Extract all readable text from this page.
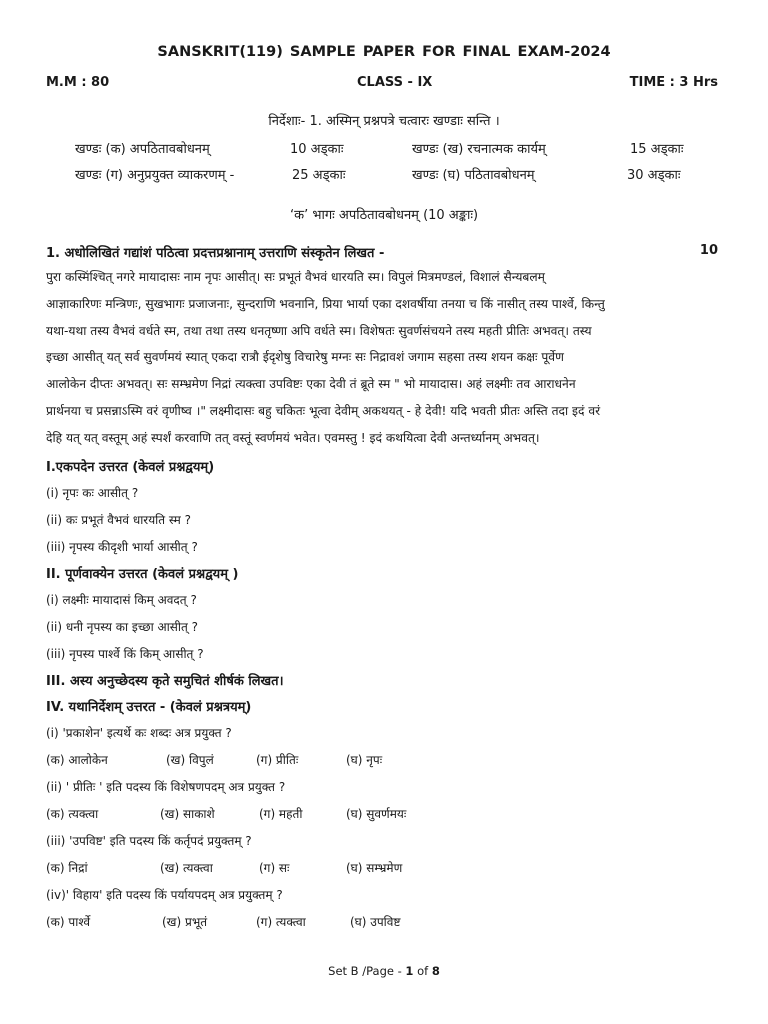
SANSKRIT(119) SAMPLE PAPER FOR FINAL EXAM-2024
M.M : 80	CLASS - IX	TIME : 3 Hrs
निर्देशाः- 1. अस्मिन् प्रश्नपत्रे चत्वारः खण्डाः सन्ति ।
खण्डः (क) अपठितावबोधनम्	10 अड्काः	खण्डः (ख) रचनात्मक कार्यम्	15 अड्काः
खण्डः (ग) अनुप्रयुक्त व्याकरणम् -	25 अड्काः	खण्डः (घ) पठितावबोधनम्	30 अड्काः
‘क’ भागः अपठितावबोधनम् (10 अङ्काः)
1. अधोलिखितं गद्यांशं पठित्वा प्रदत्तप्रश्नानाम् उत्तराणि संस्कृतेन लिखत -	10
पुरा कस्मिंश्चित् नगरे मायादासः नाम नृपः आसीत्। सः प्रभूतं वैभवं धारयति स्म। विपुलं मित्रमण्डलं, विशालं सैन्यबलम्
आज्ञाकारिणः मन्त्रिणः, सुखभागः प्रजाजनाः, सुन्दराणि भवनानि, प्रिया भार्या एका दशवर्षीया तनया च किं नासीत् तस्य पार्श्वे, किन्तु
यथा-यथा तस्य वैभवं वर्धते स्म, तथा तथा तस्य धनतृष्णा अपि वर्धते स्म। विशेषतः सुवर्णसंचयने तस्य महती प्रीतिः अभवत्। तस्य
इच्छा आसीत् यत् सर्व सुवर्णमयं स्यात् एकदा रात्रौ ईदृशेषु विचारेषु मग्नः सः निद्रावशं जगाम सहसा तस्य शयन कक्षः पूर्वेण
आलोकेन दीप्तः अभवत्। सः सम्भ्रमेण निद्रां त्यक्त्वा उपविष्टः एका देवी तं ब्रूते स्म " भो मायादास। अहं लक्ष्मीः तव आराधनेन
प्रार्थनया च प्रसन्नाऽस्मि वरं वृणीष्व ।" लक्ष्मीदासः बहु चकितः भूत्वा देवीम् अकथयत् - हे देवी! यदि भवती प्रीतः अस्ति तदा इदं वरं
देहि यत् यत् वस्तूम् अहं स्पर्शं करवाणि तत् वस्तूं स्वर्णमयं भवेत। एवमस्तु ! इदं कथयित्वा देवी अन्तर्ध्यानम् अभवत्।
I.एकपदेन उत्तरत (केवलं प्रश्नद्वयम्)
(i) नृपः कः आसीत् ?
(ii) कः प्रभूतं वैभवं धारयति स्म ?
(iii) नृपस्य कीदृशी भार्या आसीत् ?
II. पूर्णवाक्येन उत्तरत (केवलं प्रश्नद्वयम् )
(i) लक्ष्मीः मायादासं किम् अवदत् ?
(ii) धनी नृपस्य का इच्छा आसीत् ?
(iii) नृपस्य पार्श्वे किं किम् आसीत् ?
III. अस्य अनुच्छेदस्य कृते समुचितं शीर्षकं लिखत।
IV. यथानिर्देशम् उत्तरत - (केवलं प्रश्नत्रयम्)
(i) 'प्रकाशेन' इत्यर्थे कः शब्दः अत्र प्रयुक्त ?
(क) आलोकेन	(ख) विपुलं	(ग) प्रीतिः	(घ) नृपः
(ii) ' प्रीतिः ' इति पदस्य किं विशेषणपदम् अत्र प्रयुक्त ?
(क) त्यक्त्वा	(ख) साकाशे	(ग) महती	(घ) सुवर्णमयः
(iii) 'उपविष्ट' इति पदस्य किं कर्तृपदं प्रयुक्तम् ?
(क) निद्रां	(ख) त्यक्त्वा	(ग) सः	(घ) सम्भ्रमेण
(iv)' विहाय' इति पदस्य किं पर्यायपदम् अत्र प्रयुक्तम् ?
(क) पार्श्वे	(ख) प्रभूतं	(ग) त्यक्त्वा	(घ) उपविष्ट
Set B /Page - 1 of 8
